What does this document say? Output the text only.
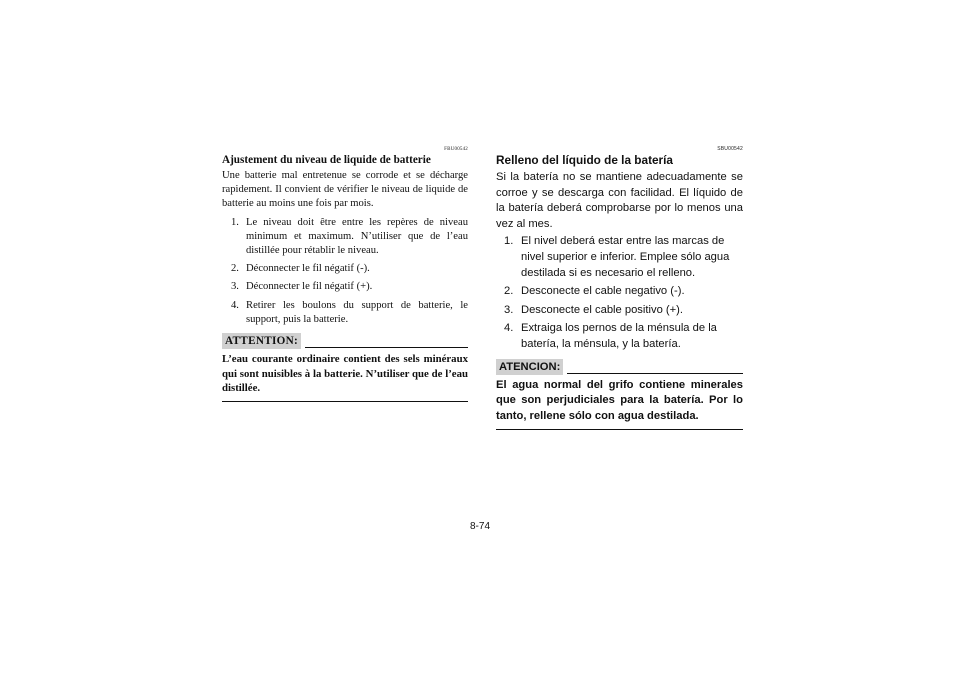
FBU00542
Ajustement du niveau de liquide de batterie

Une batterie mal entretenue se corrode et se décharge rapidement. Il convient de vérifier le niveau de liquide de batterie au moins une fois par mois.

1. Le niveau doit être entre les repères de niveau minimum et maximum. N’utiliser que de l’eau distillée pour rétablir le niveau.
2. Déconnecter le fil négatif (-).
3. Déconnecter le fil négatif (+).
4. Retirer les boulons du support de batterie, le support, puis la batterie.
ATTENTION:

L’eau courante ordinaire contient des sels minéraux qui sont nuisibles à la batterie. N’utiliser que de l’eau distillée.

SBU00542
Relleno del líquido de la batería

Si la batería no se mantiene adecuadamente se corroe y se descarga con facilidad. El líquido de la batería deberá comprobarse por lo menos una vez al mes.

1. El nivel deberá estar entre las marcas de nivel superior e inferior. Emplee sólo agua destilada si es necesario el relleno.
2. Desconecte el cable negativo (-).
3. Desconecte el cable positivo (+).
4. Extraiga los pernos de la ménsula de la batería, la ménsula, y la batería.
ATENCION:

El agua normal del grifo contiene minerales que son perjudiciales para la batería. Por lo tanto, rellene sólo con agua destilada.

8-74
